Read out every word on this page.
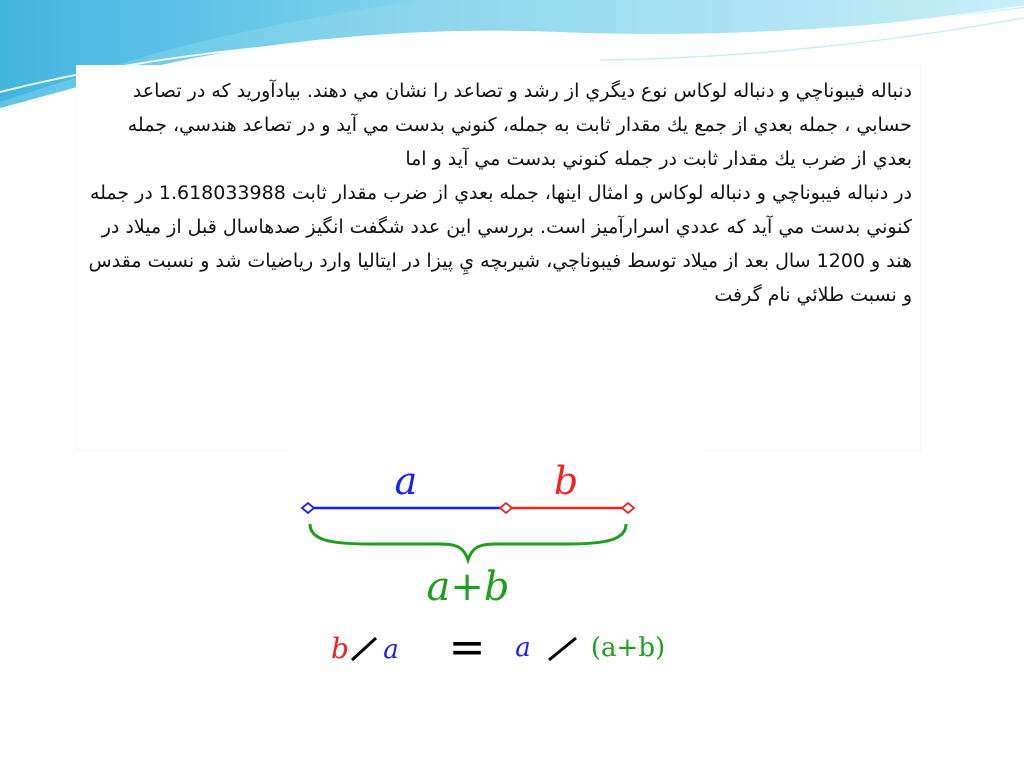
دنباله فيبوناچي و دنباله لوكاس نوع ديگري از رشد و تصاعد را نشان مي دهند. بيادآوريد كه در تصاعد حسابي ، جمله بعدي از جمع يك مقدار ثابت به جمله، كنوني بدست مي آيد و در تصاعد هندسي، جمله بعدي از ضرب يك مقدار ثابت در جمله كنوني بدست مي آيد و اما

در دنباله فيبوناچي و دنباله لوكاس و امثال اينها، جمله بعدي از ضرب مقدار ثابت 1.618033988 در جمله كنوني بدست مي آيد كه عددي اسرارآميز است. بررسي اين عدد شگفت انگيز صدهاسال قبل از ميلاد در هند و 1200 سال بعد از ميلاد توسط فيبوناچي، شيربچه يِ پيزا در ايتاليا وارد رياضيات شد و نسبت مقدس و نسبت طلائي نام گرفت

a	b
a+b
b a = a (a+b)
